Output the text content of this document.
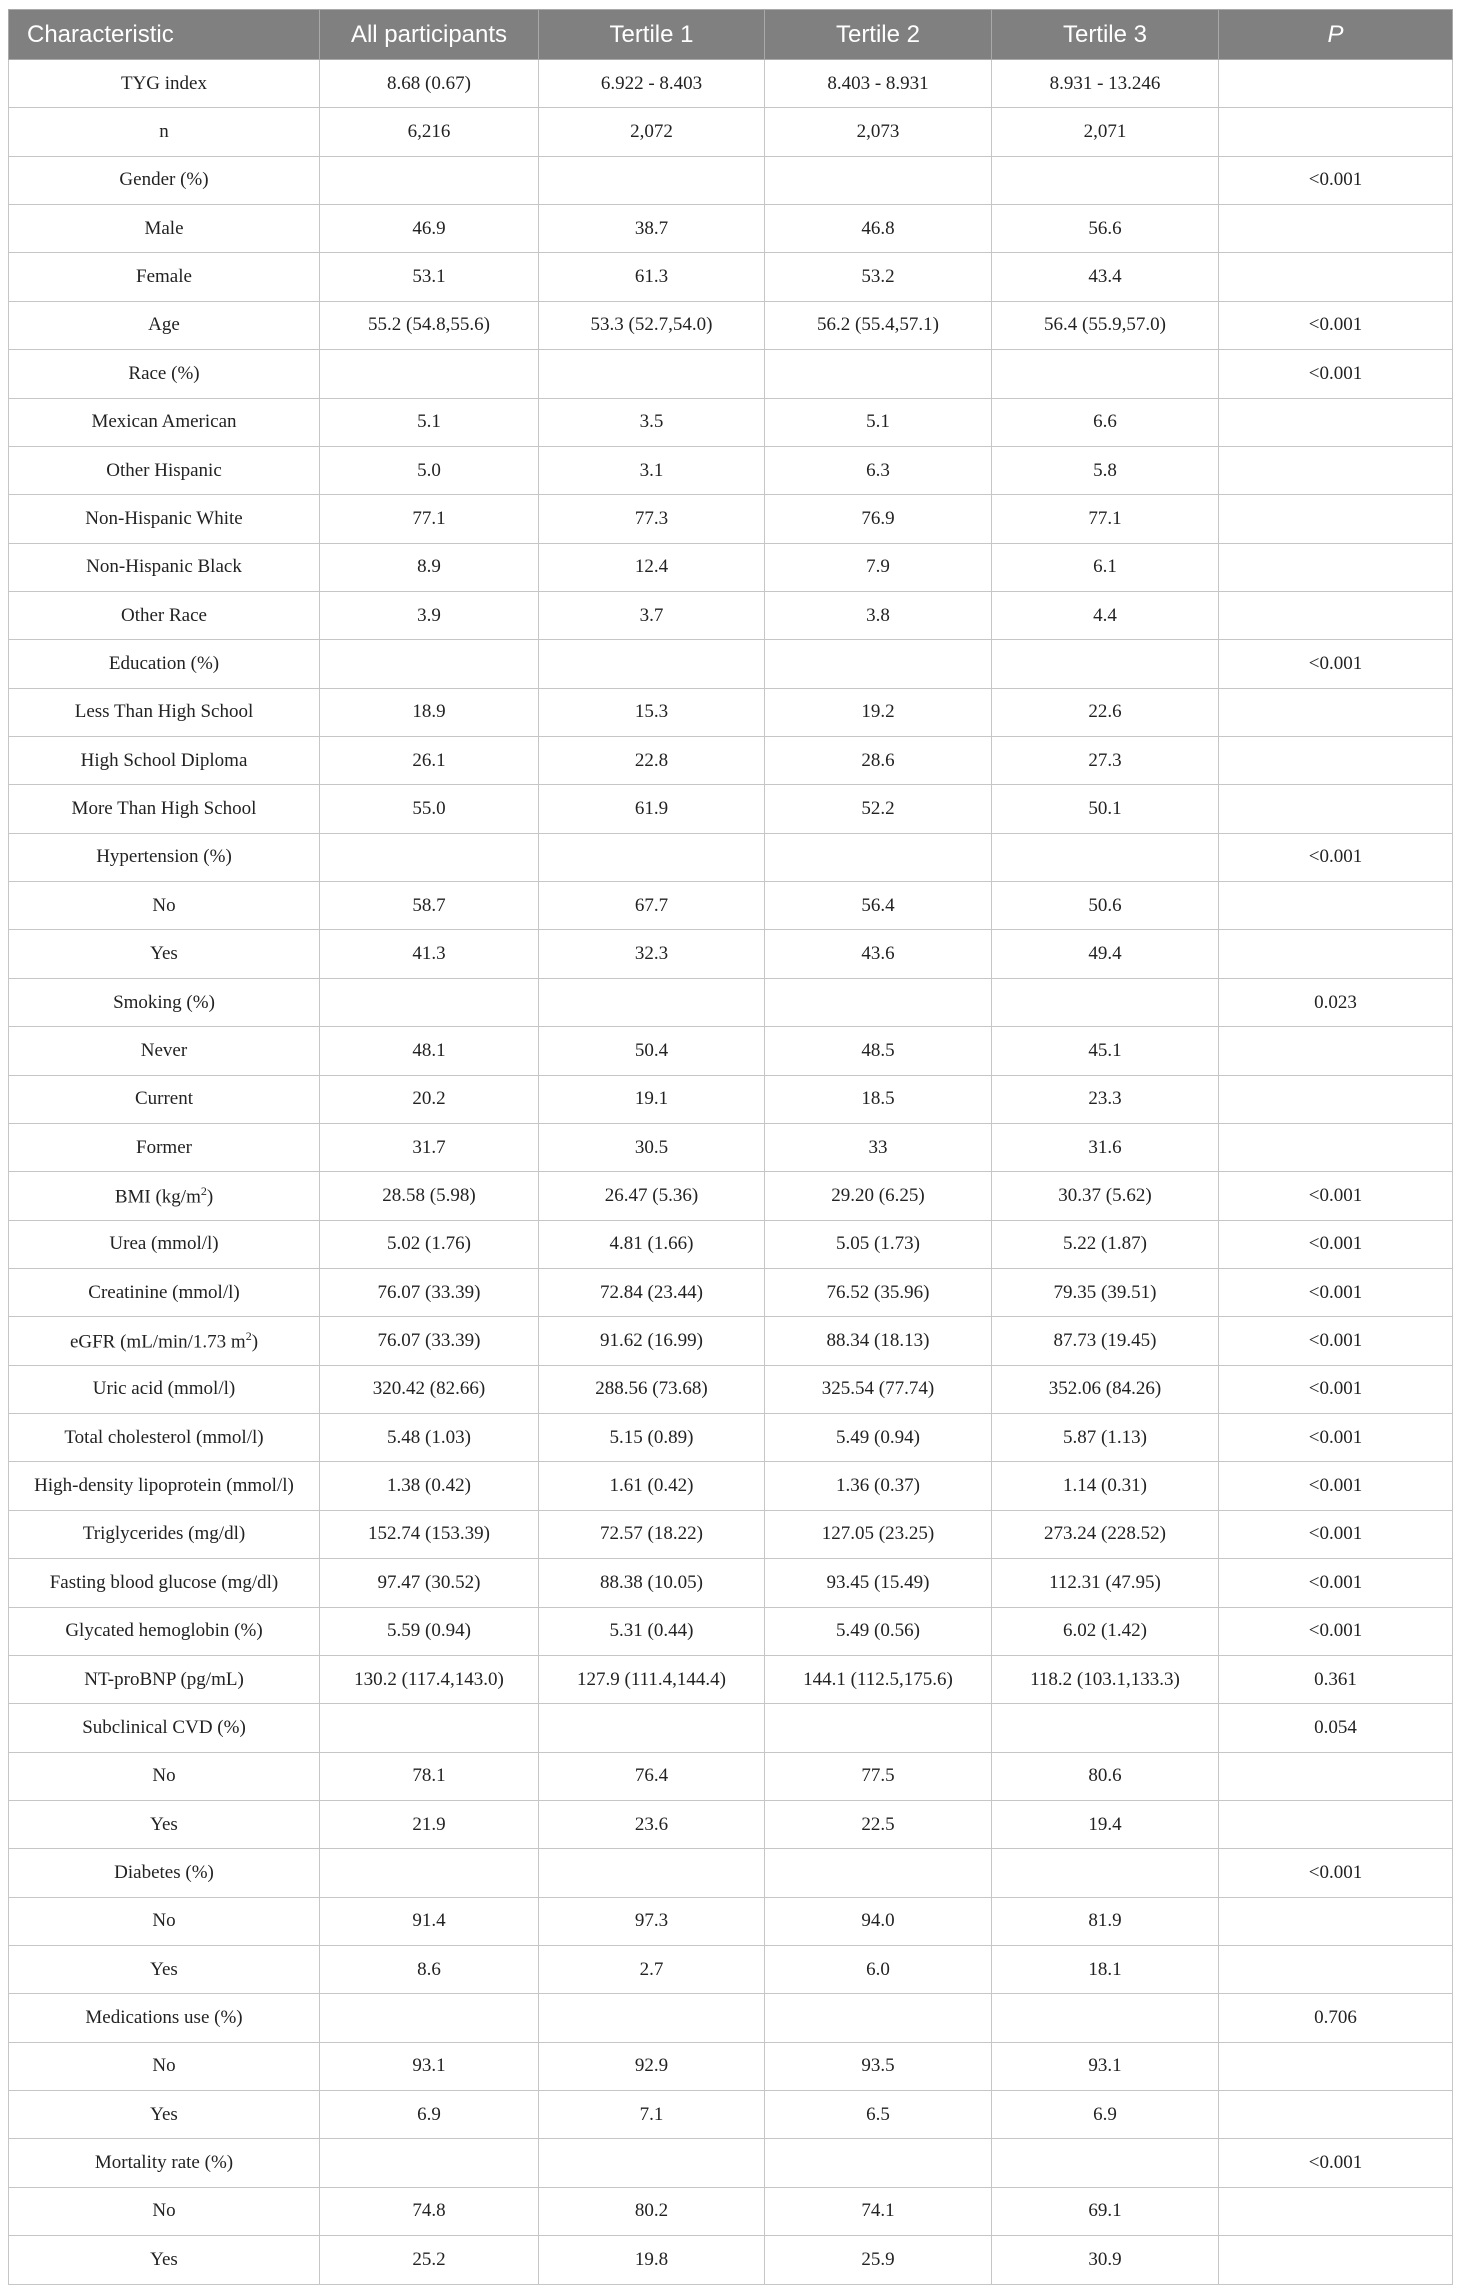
Characteristic	All participants	Tertile 1	Tertile 2	Tertile 3	P
TYG index	8.68 (0.67)	6.922 - 8.403	8.403 - 8.931	8.931 - 13.246	
n	6,216	2,072	2,073	2,071	
Gender (%)					<0.001
Male	46.9	38.7	46.8	56.6	
Female	53.1	61.3	53.2	43.4	
Age	55.2 (54.8,55.6)	53.3 (52.7,54.0)	56.2 (55.4,57.1)	56.4 (55.9,57.0)	<0.001
Race (%)					<0.001
Mexican American	5.1	3.5	5.1	6.6	
Other Hispanic	5.0	3.1	6.3	5.8	
Non-Hispanic White	77.1	77.3	76.9	77.1	
Non-Hispanic Black	8.9	12.4	7.9	6.1	
Other Race	3.9	3.7	3.8	4.4	
Education (%)					<0.001
Less Than High School	18.9	15.3	19.2	22.6	
High School Diploma	26.1	22.8	28.6	27.3	
More Than High School	55.0	61.9	52.2	50.1	
Hypertension (%)					<0.001
No	58.7	67.7	56.4	50.6	
Yes	41.3	32.3	43.6	49.4	
Smoking (%)					0.023
Never	48.1	50.4	48.5	45.1	
Current	20.2	19.1	18.5	23.3	
Former	31.7	30.5	33	31.6	
BMI $(kg/m^2)$	28.58 (5.98)	26.47 (5.36)	29.20 (6.25)	30.37 (5.62)	<0.001
Urea (mmol/l)	5.02 (1.76)	4.81 (1.66)	5.05 (1.73)	5.22 (1.87)	<0.001
Creatinine (mmol/l)	76.07 (33.39)	72.84 (23.44)	76.52 (35.96)	79.35 (39.51)	<0.001
eGFR (mL/min/1.73 $m^2$)	76.07 (33.39)	91.62 (16.99)	88.34 (18.13)	87.73 (19.45)	<0.001
Uric acid (mmol/l)	320.42 (82.66)	288.56 (73.68)	325.54 (77.74)	352.06 (84.26)	<0.001
Total cholesterol (mmol/l)	5.48 (1.03)	5.15 (0.89)	5.49 (0.94)	5.87 (1.13)	<0.001
High-density lipoprotein (mmol/l)	1.38 (0.42)	1.61 (0.42)	1.36 (0.37)	1.14 (0.31)	<0.001
Triglycerides (mg/dl)	152.74 (153.39)	72.57 (18.22)	127.05 (23.25)	273.24 (228.52)	<0.001
Fasting blood glucose (mg/dl)	97.47 (30.52)	88.38 (10.05)	93.45 (15.49)	112.31 (47.95)	<0.001
Glycated hemoglobin (%)	5.59 (0.94)	5.31 (0.44)	5.49 (0.56)	6.02 (1.42)	<0.001
NT-proBNP (pg/mL)	130.2 (117.4,143.0)	127.9 (111.4,144.4)	144.1 (112.5,175.6)	118.2 (103.1,133.3)	0.361
Subclinical CVD (%)					0.054
No	78.1	76.4	77.5	80.6	
Yes	21.9	23.6	22.5	19.4	
Diabetes (%)					<0.001
No	91.4	97.3	94.0	81.9	
Yes	8.6	2.7	6.0	18.1	
Medications use (%)					0.706
No	93.1	92.9	93.5	93.1	
Yes	6.9	7.1	6.5	6.9	
Mortality rate (%)					<0.001
No	74.8	80.2	74.1	69.1	
Yes	25.2	19.8	25.9	30.9	
